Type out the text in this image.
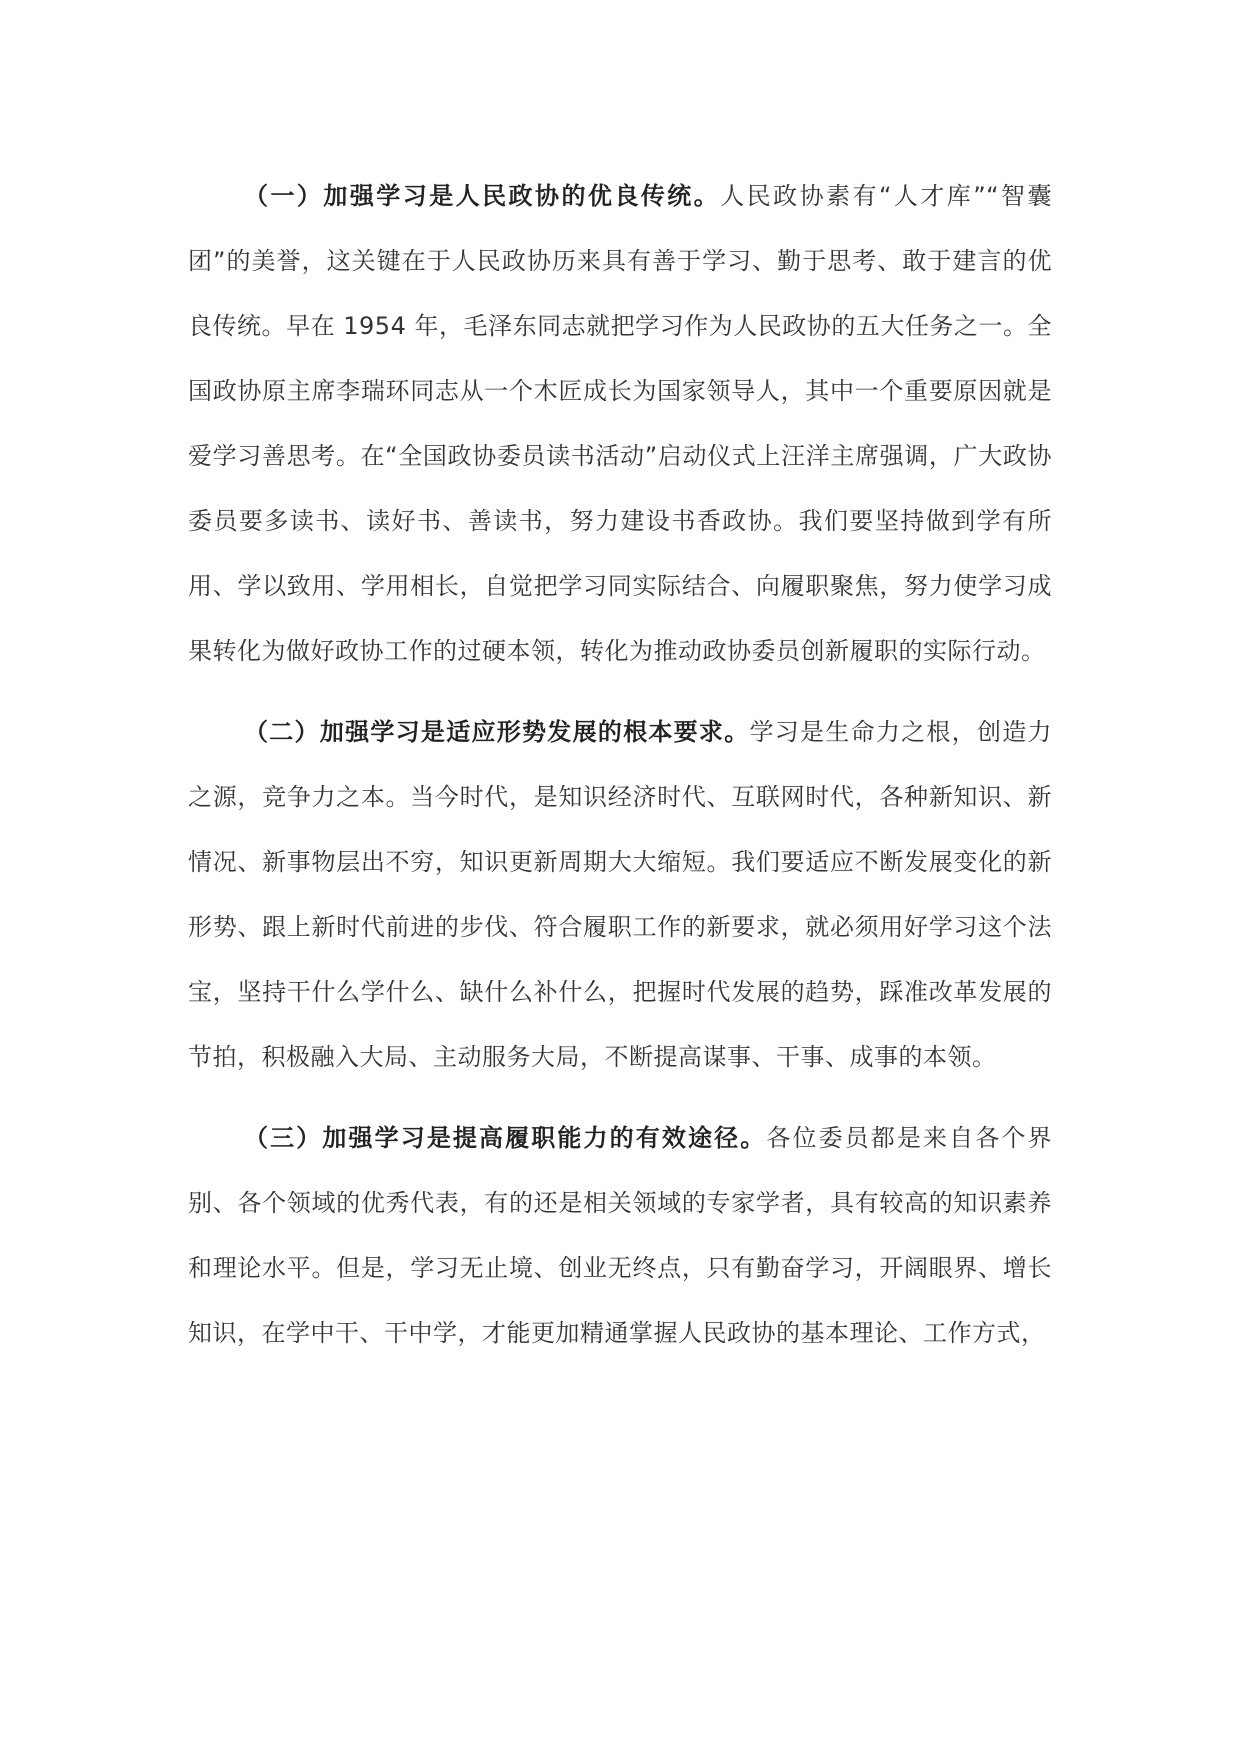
（一）加强学习是人民政协的优良传统。人民政协素有“人才库”“智囊团”的美誉，这关键在于人民政协历来具有善于学习、勤于思考、敢于建言的优良传统。早在 1954 年，毛泽东同志就把学习作为人民政协的五大任务之一。全国政协原主席李瑞环同志从一个木匠成长为国家领导人，其中一个重要原因就是爱学习善思考。在“全国政协委员读书活动”启动仪式上汪洋主席强调，广大政协委员要多读书、读好书、善读书，努力建设书香政协。我们要坚持做到学有所用、学以致用、学用相长，自觉把学习同实际结合、向履职聚焦，努力使学习成果转化为做好政协工作的过硬本领，转化为推动政协委员创新履职的实际行动。

（二）加强学习是适应形势发展的根本要求。学习是生命力之根，创造力之源，竞争力之本。当今时代，是知识经济时代、互联网时代，各种新知识、新情况、新事物层出不穷，知识更新周期大大缩短。我们要适应不断发展变化的新形势、跟上新时代前进的步伐、符合履职工作的新要求，就必须用好学习这个法宝，坚持干什么学什么、缺什么补什么，把握时代发展的趋势，踩准改革发展的节拍，积极融入大局、主动服务大局，不断提高谋事、干事、成事的本领。

（三）加强学习是提高履职能力的有效途径。各位委员都是来自各个界别、各个领域的优秀代表，有的还是相关领域的专家学者，具有较高的知识素养和理论水平。但是，学习无止境、创业无终点，只有勤奋学习，开阔眼界、增长知识，在学中干、干中学，才能更加精通掌握人民政协的基本理论、工作方式，
